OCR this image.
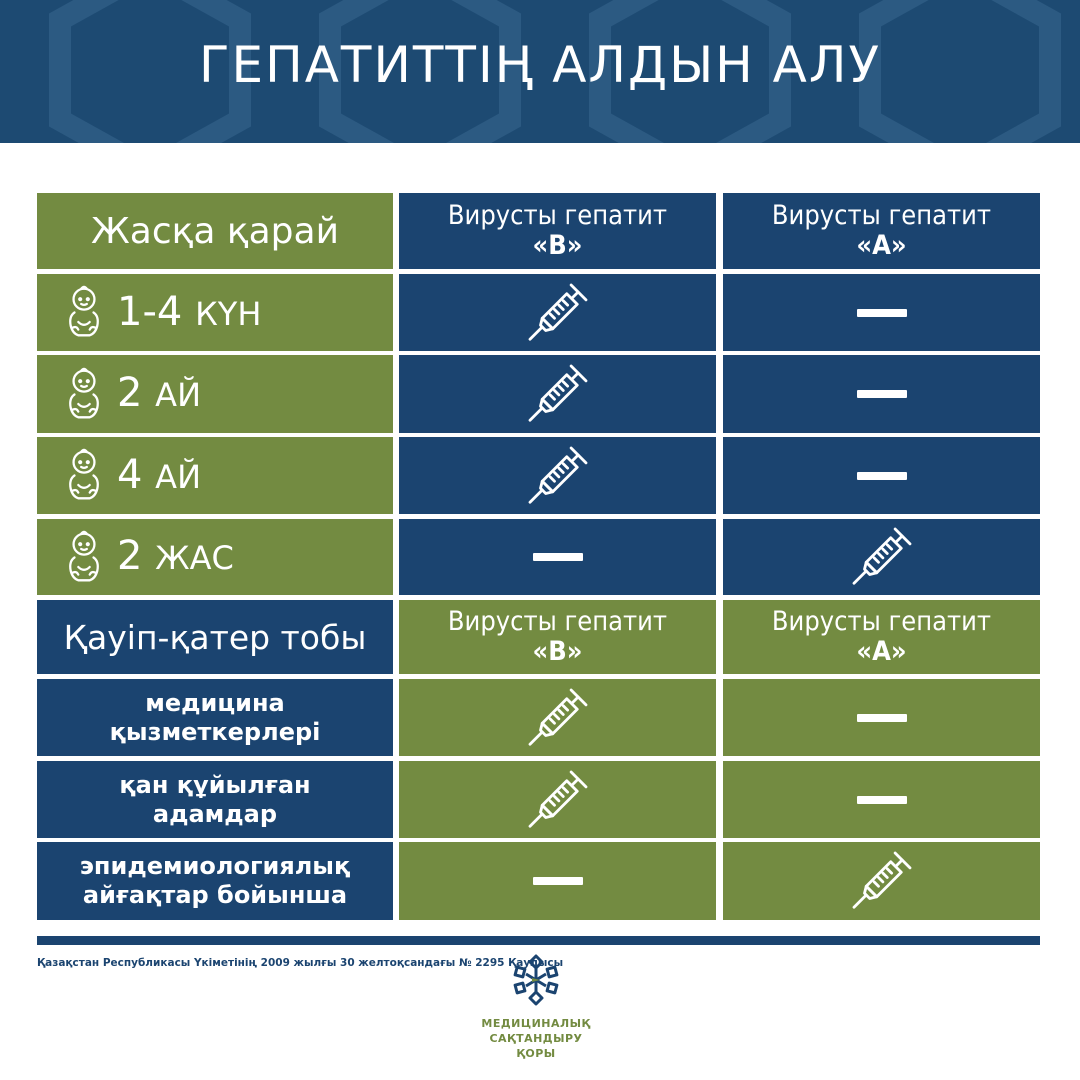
ГЕПАТИТТІҢ АЛДЫН АЛУ
Жасқа қарай	Вирусты гепатит
«В»
Вирусты гепатит
«А»
1-4 КҮН
2 АЙ
4 АЙ
2 ЖАС
Қауіп-қатер тобы	Вирусты гепатит
«В»
Вирусты гепатит
«А»
медицина
қызметкерлері
қан құйылған
адамдар
эпидемиологиялық
айғақтар бойынша
Қазақстан Республикасы Үкіметінің 2009 жылғы 30 желтоқсандағы № 2295 Қаулысы
МЕДИЦИНАЛЫҚ
САҚТАНДЫРУ
ҚОРЫ
